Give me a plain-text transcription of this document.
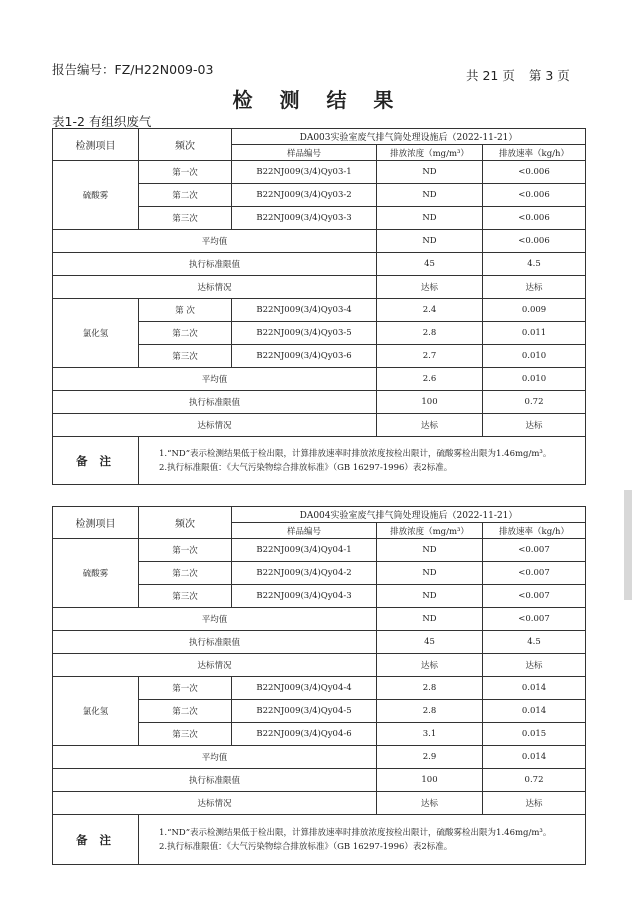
报告编号：FZ/H22N009-03	共 21 页 第 3 页
检 测 结 果
表1-2 有组织废气
检测项目	频次	DA003实验室废气排气筒处理设施后（2022-11-21）		
		样品编号	排放浓度（mg/m³）	排放速率（kg/h）
硫酸雾	第一次	B22NJ009(3/4)Qy03-1	ND	<0.006
	第二次	B22NJ009(3/4)Qy03-2	ND	<0.006
	第三次	B22NJ009(3/4)Qy03-3	ND	<0.006
平均值			ND	<0.006
执行标准限值			45	4.5
达标情况			达标	达标
氯化氢	第 次	B22NJ009(3/4)Qy03-4	2.4	0.009
	第二次	B22NJ009(3/4)Qy03-5	2.8	0.011
	第三次	B22NJ009(3/4)Qy03-6	2.7	0.010
平均值			2.6	0.010
执行标准限值			100	0.72
达标情况			达标	达标
备 注	1.“ND”表示检测结果低于检出限，计算排放速率时排放浓度按检出限计，硫酸雾检出限为1.46mg/m³。
2.执行标准限值：《大气污染物综合排放标准》（GB 16297-1996）表2标准。			
检测项目	频次	DA004实验室废气排气筒处理设施后（2022-11-21）		
		样品编号	排放浓度（mg/m³）	排放速率（kg/h）
硫酸雾	第一次	B22NJ009(3/4)Qy04-1	ND	<0.007
	第二次	B22NJ009(3/4)Qy04-2	ND	<0.007
	第三次	B22NJ009(3/4)Qy04-3	ND	<0.007
平均值			ND	<0.007
执行标准限值			45	4.5
达标情况			达标	达标
氯化氢	第一次	B22NJ009(3/4)Qy04-4	2.8	0.014
	第二次	B22NJ009(3/4)Qy04-5	2.8	0.014
	第三次	B22NJ009(3/4)Qy04-6	3.1	0.015
平均值			2.9	0.014
执行标准限值			100	0.72
达标情况			达标	达标
备 注	1.“ND”表示检测结果低于检出限，计算排放速率时排放浓度按检出限计，硫酸雾检出限为1.46mg/m³。
2.执行标准限值：《大气污染物综合排放标准》（GB 16297-1996）表2标准。			
